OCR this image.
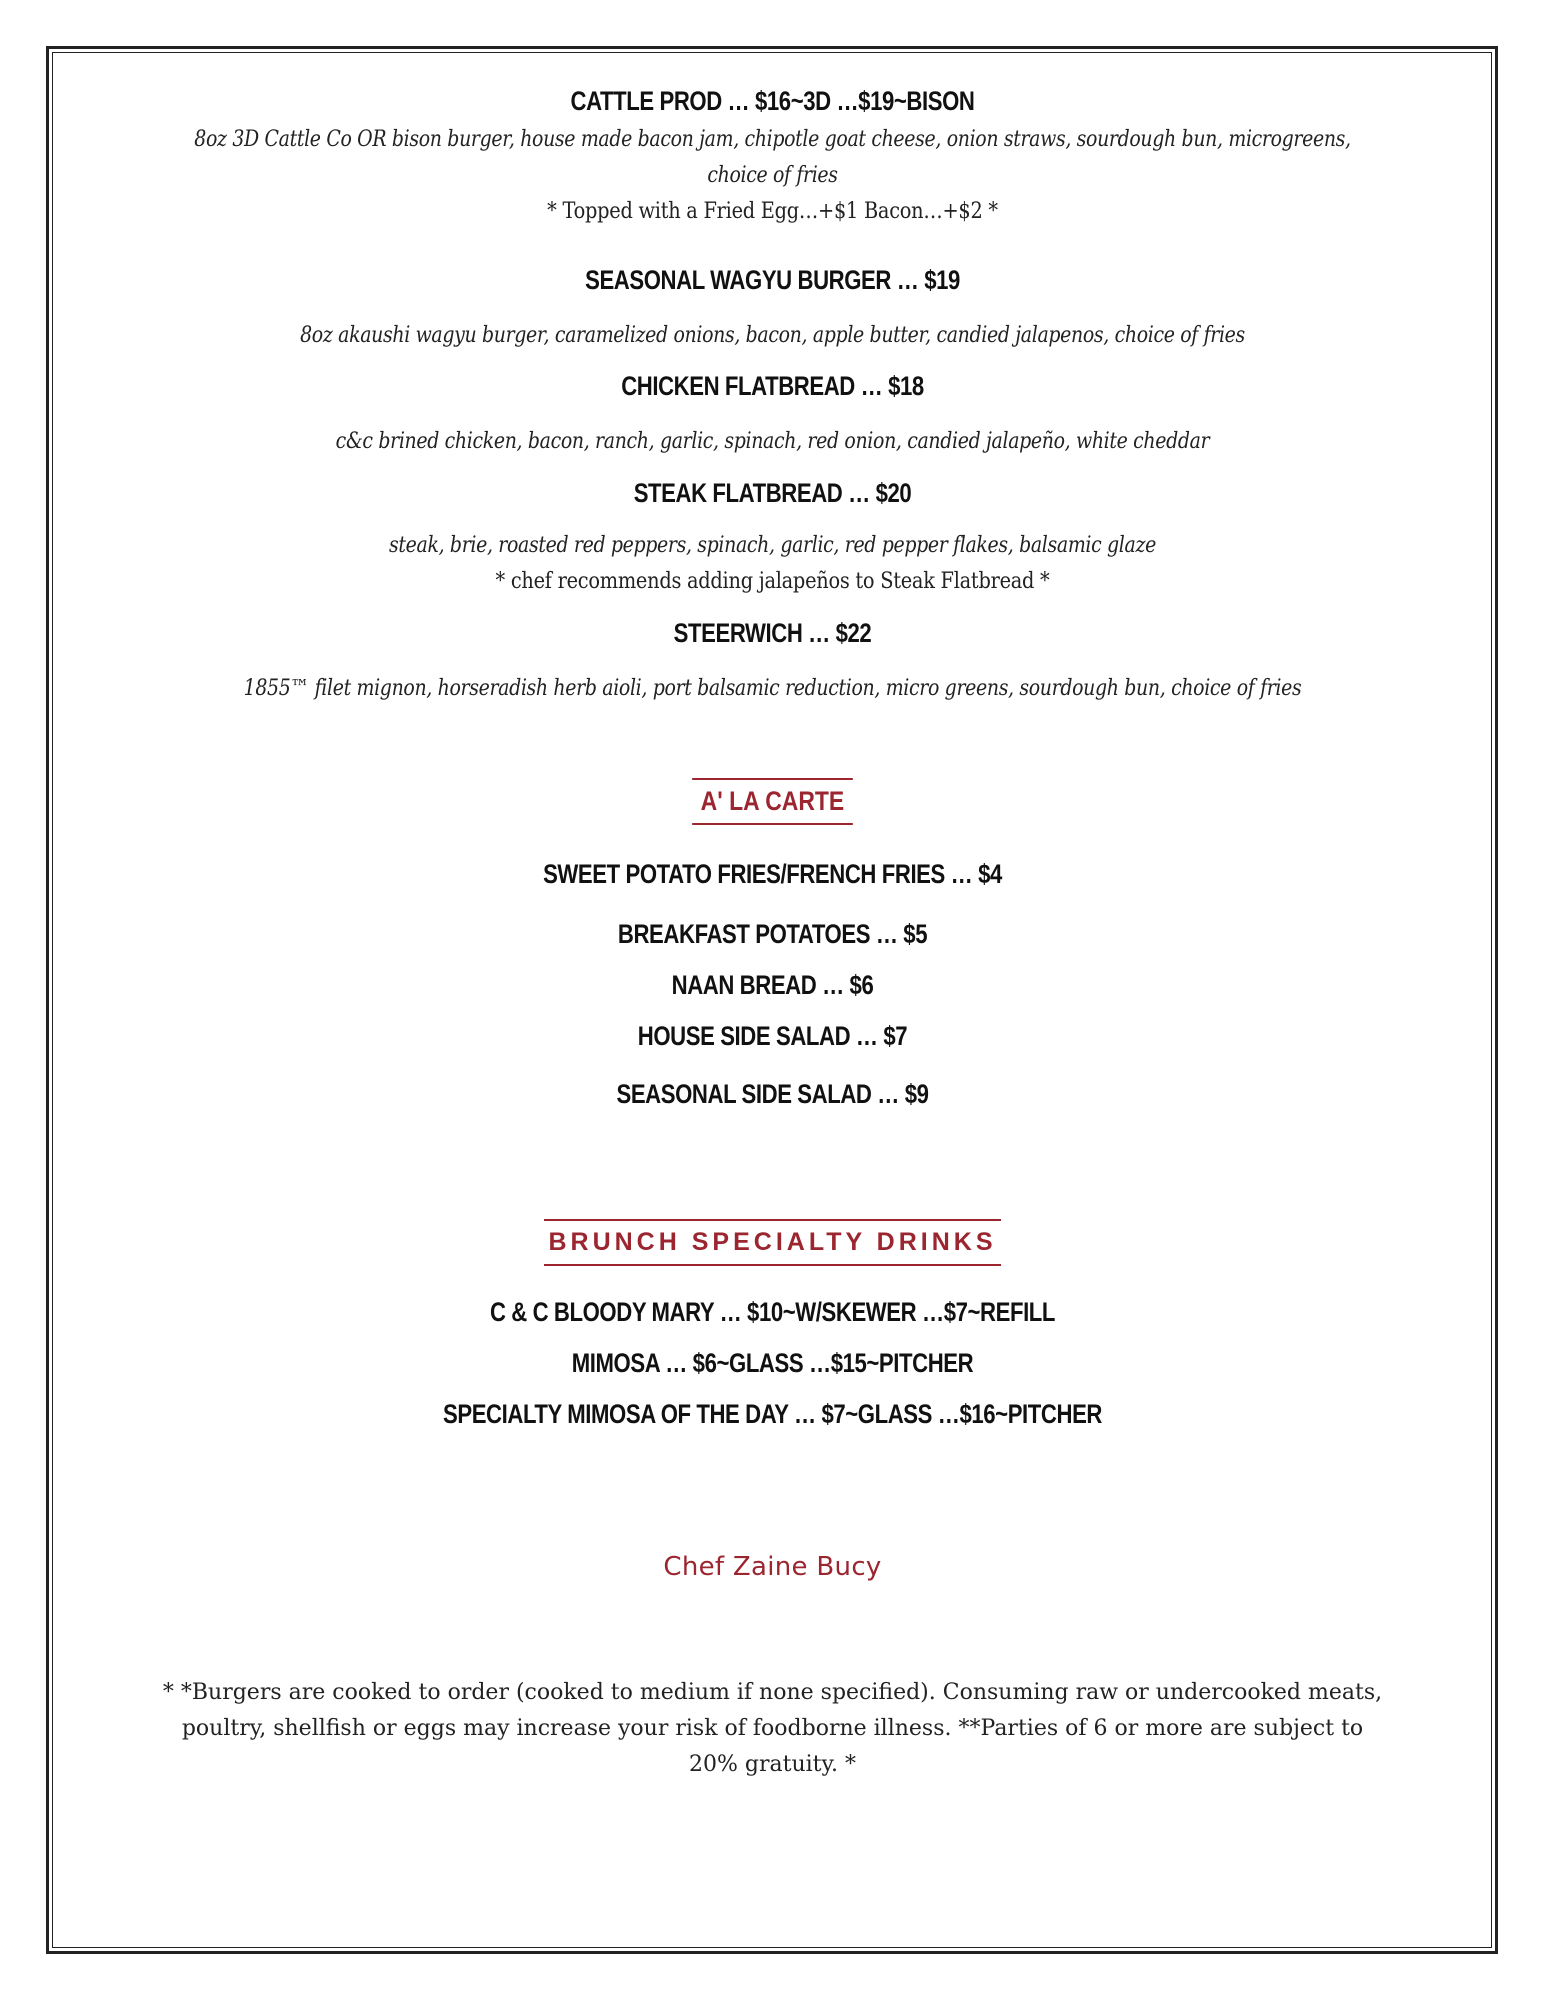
CATTLE PROD … $16~3D …$19~BISON
8oz 3D Cattle Co OR bison burger, house made bacon jam, chipotle goat cheese, onion straws, sourdough bun, microgreens,
choice of fries
* Topped with a Fried Egg…+$1 Bacon…+$2 *
SEASONAL WAGYU BURGER … $19
8oz akaushi wagyu burger, caramelized onions, bacon, apple butter, candied jalapenos, choice of fries
CHICKEN FLATBREAD … $18
c&c brined chicken, bacon, ranch, garlic, spinach, red onion, candied jalapeño, white cheddar
STEAK FLATBREAD … $20
steak, brie, roasted red peppers, spinach, garlic, red pepper flakes, balsamic glaze
* chef recommends adding jalapeños to Steak Flatbread *
STEERWICH … $22
1855™ filet mignon, horseradish herb aioli, port balsamic reduction, micro greens, sourdough bun, choice of fries
A' LA CARTE
SWEET POTATO FRIES/FRENCH FRIES … $4
BREAKFAST POTATOES … $5
NAAN BREAD … $6
HOUSE SIDE SALAD … $7
SEASONAL SIDE SALAD … $9
BRUNCH SPECIALTY DRINKS
C & C BLOODY MARY … $10~W/SKEWER …$7~REFILL
MIMOSA … $6~GLASS …$15~PITCHER
SPECIALTY MIMOSA OF THE DAY … $7~GLASS …$16~PITCHER
Chef Zaine Bucy
* *Burgers are cooked to order (cooked to medium if none specified). Consuming raw or undercooked meats, poultry, shellfish or eggs may increase your risk of foodborne illness. **Parties of 6 or more are subject to 20% gratuity. *
